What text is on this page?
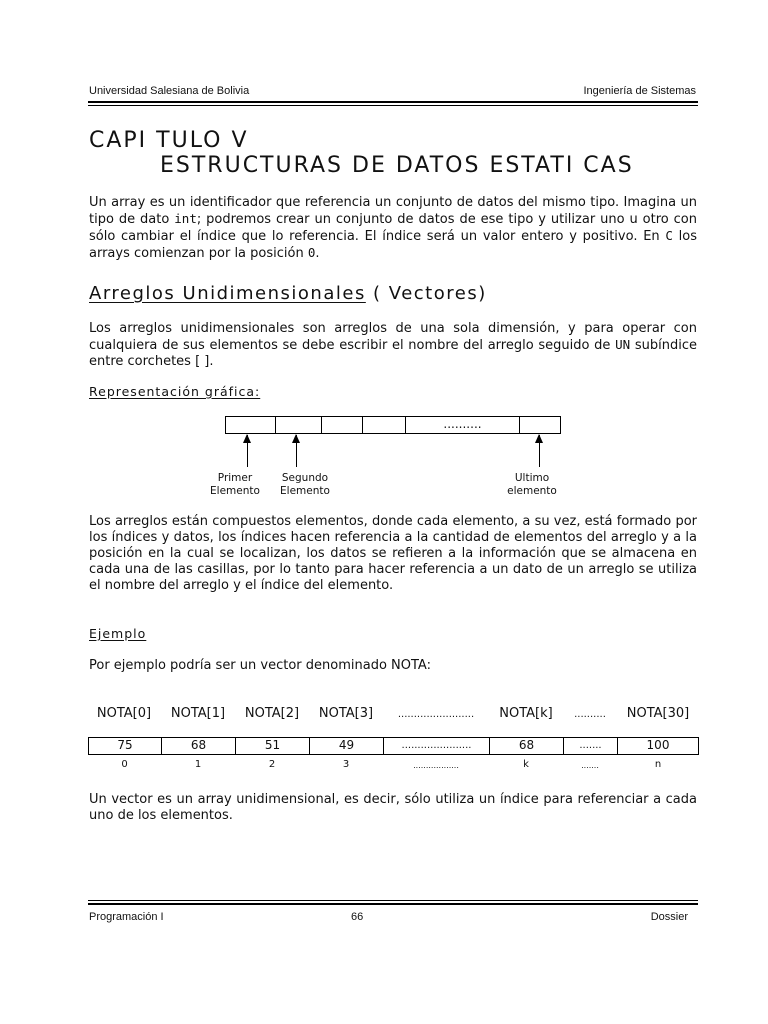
Universidad Salesiana de Bolivia	Ingeniería de Sistemas
CAPI TULO V
ESTRUCTURAS DE DATOS ESTATI CAS

Un array es un identificador que referencia un conjunto de datos del mismo tipo. Imagina un tipo de dato int; podremos crear un conjunto de datos de ese tipo y utilizar uno u otro con sólo cambiar el índice que lo referencia. El índice será un valor entero y positivo. En C los arrays comienzan por la posición 0.

Arreglos Unidimensionales ( Vectores)

Los arreglos unidimensionales son arreglos de una sola dimensión, y para operar con cualquiera de sus elementos se debe escribir el nombre del arreglo seguido de UN subíndice entre corchetes [ ].

Representación gráfica:
..........
Primer
Elemento
Segundo
Elemento
Ultimo
elemento

Los arreglos están compuestos elementos, donde cada elemento, a su vez, está formado por los índices y datos, los índices hacen referencia a la cantidad de elementos del arreglo y a la posición en la cual se localizan, los datos se refieren a la información que se almacena en cada una de las casillas, por lo tanto para hacer referencia a un dato de un arreglo se utiliza el nombre del arreglo y el índice del elemento.

Ejemplo
Por ejemplo podría ser un vector denominado NOTA:
NOTA[0]	NOTA[1]	NOTA[2]	NOTA[3]	........................	NOTA[k]	..........	NOTA[30]
75	68	51	49	......................	68	.......	100
0	1	2	3	..................	k	.......	n

Un vector es un array unidimensional, es decir, sólo utiliza un índice para referenciar a cada uno de los elementos.

Programación I	66	Dossier
